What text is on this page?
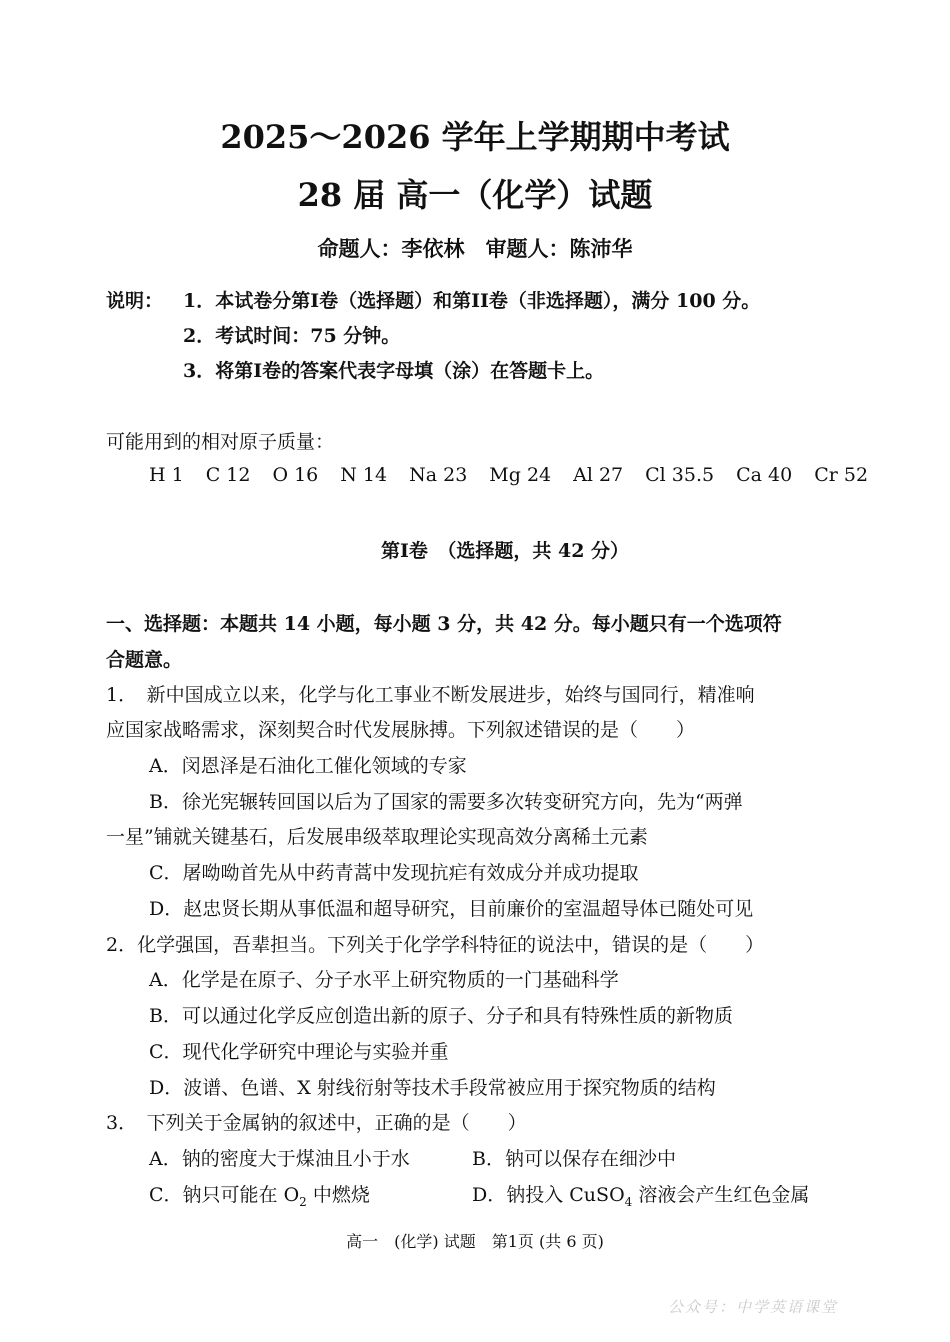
2025～2026 学年上学期期中考试
28 届 高一（化学）试题
命题人：李依林　审题人：陈沛华
说明： 1．本试卷分第I卷（选择题）和第II卷（非选择题），满分 100 分。
2．考试时间：75 分钟。
3．将第I卷的答案代表字母填（涂）在答题卡上。
可能用到的相对原子质量：
H 1 C 12 O 16 N 14 Na 23 Mg 24 Al 27 Cl 35.5 Ca 40 Cr 52
第I卷　（选择题，共 42 分）
一、选择题：本题共 14 小题，每小题 3 分，共 42 分。每小题只有一个选项符
合题意。
1．　新中国成立以来，化学与化工事业不断发展进步，始终与国同行，精准响
应国家战略需求，深刻契合时代发展脉搏。下列叙述错误的是（　　）
A．闵恩泽是石油化工催化领域的专家
B．徐光宪辗转回国以后为了国家的需要多次转变研究方向，先为“两弹
一星”铺就关键基石，后发展串级萃取理论实现高效分离稀土元素
C．屠呦呦首先从中药青蒿中发现抗疟有效成分并成功提取
D．赵忠贤长期从事低温和超导研究，目前廉价的室温超导体已随处可见
2．化学强国，吾辈担当。下列关于化学学科特征的说法中，错误的是（　　）
A．化学是在原子、分子水平上研究物质的一门基础科学
B．可以通过化学反应创造出新的原子、分子和具有特殊性质的新物质
C．现代化学研究中理论与实验并重
D．波谱、色谱、X 射线衍射等技术手段常被应用于探究物质的结构
3．　下列关于金属钠的叙述中，正确的是（　　）
A．钠的密度大于煤油且小于水	B．钠可以保存在细沙中
C．钠只可能在 $O_2$ 中燃烧	D．钠投入 CuSO$_4$ 溶液会产生红色金属
高一　(化学) 试题　第1页 (共 6 页)
公众号：中学英语课堂
